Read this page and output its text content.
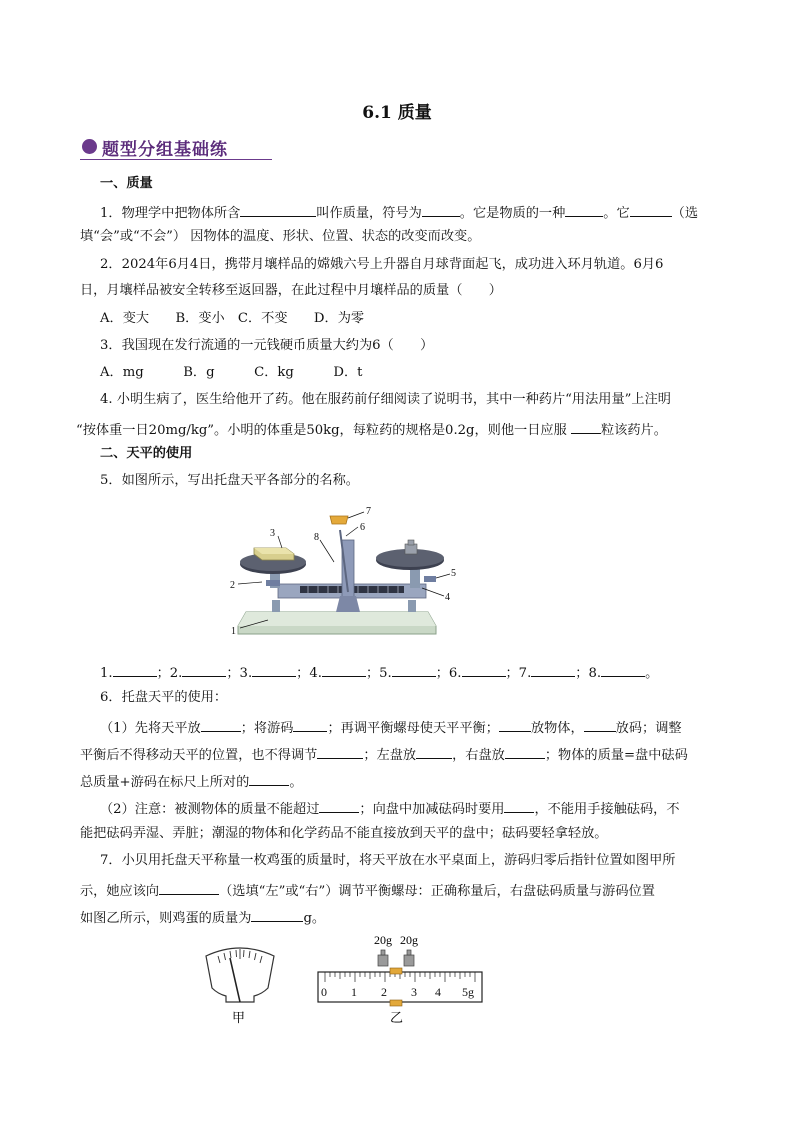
6.1 质量
题型分组基础练
一、质量
1．物理学中把物体所含	叫作质量，符号为	。它是物质的一种	。它	（选
填“会”或“不会”） 因物体的温度、形状、位置、状态的改变而改变。
2．2024年6月4日，携带月壤样品的嫦娥六号上升器自月球背面起飞，成功进入环月轨道。6月6
日，月壤样品被安全转移至返回器，在此过程中月壤样品的质量（　　）
A．变大　　B．变小　C．不变　　D．为零
3．我国现在发行流通的一元钱硬币质量大约为6（　　）
A．mg　　　B．g　　　C．kg　　　D．t
4. 小明生病了，医生给他开了药。他在服药前仔细阅读了说明书，其中一种药片“用法用量”上注明
“按体重一日20mg/kg”。小明的体重是50kg，每粒药的规格是0.2g，则他一日应服 粒该药片。
二、天平的使用
5．如图所示，写出托盘天平各部分的名称。
1
2
3
4
5
6
7
8
1.	；2.	；3.	；4.	；5.	；6.	；7.	；8.	。
6．托盘天平的使用：
（1）先将天平放	；将游码	；再调平衡螺母使天平平衡； 放物体， 放码；调整
平衡后不得移动天平的位置，也不得调节	；左盘放	，右盘放	；物体的质量=盘中砝码
总质量+游码在标尺上所对的	。
（2）注意：被测物体的质量不能超过	；向盘中加减砝码时要用 ，不能用手接触砝码，不
能把砝码弄湿、弄脏；潮湿的物体和化学药品不能直接放到天平的盘中；砝码要轻拿轻放。
7．小贝用托盘天平称量一枚鸡蛋的质量时，将天平放在水平桌面上，游码归零后指针位置如图甲所
示，她应该向	（选填“左”或“右”）调节平衡螺母：正确称量后，右盘砝码质量与游码位置
如图乙所示，则鸡蛋的质量为	g。
甲
20g 20g
0 1 2 3 4 5g
乙
